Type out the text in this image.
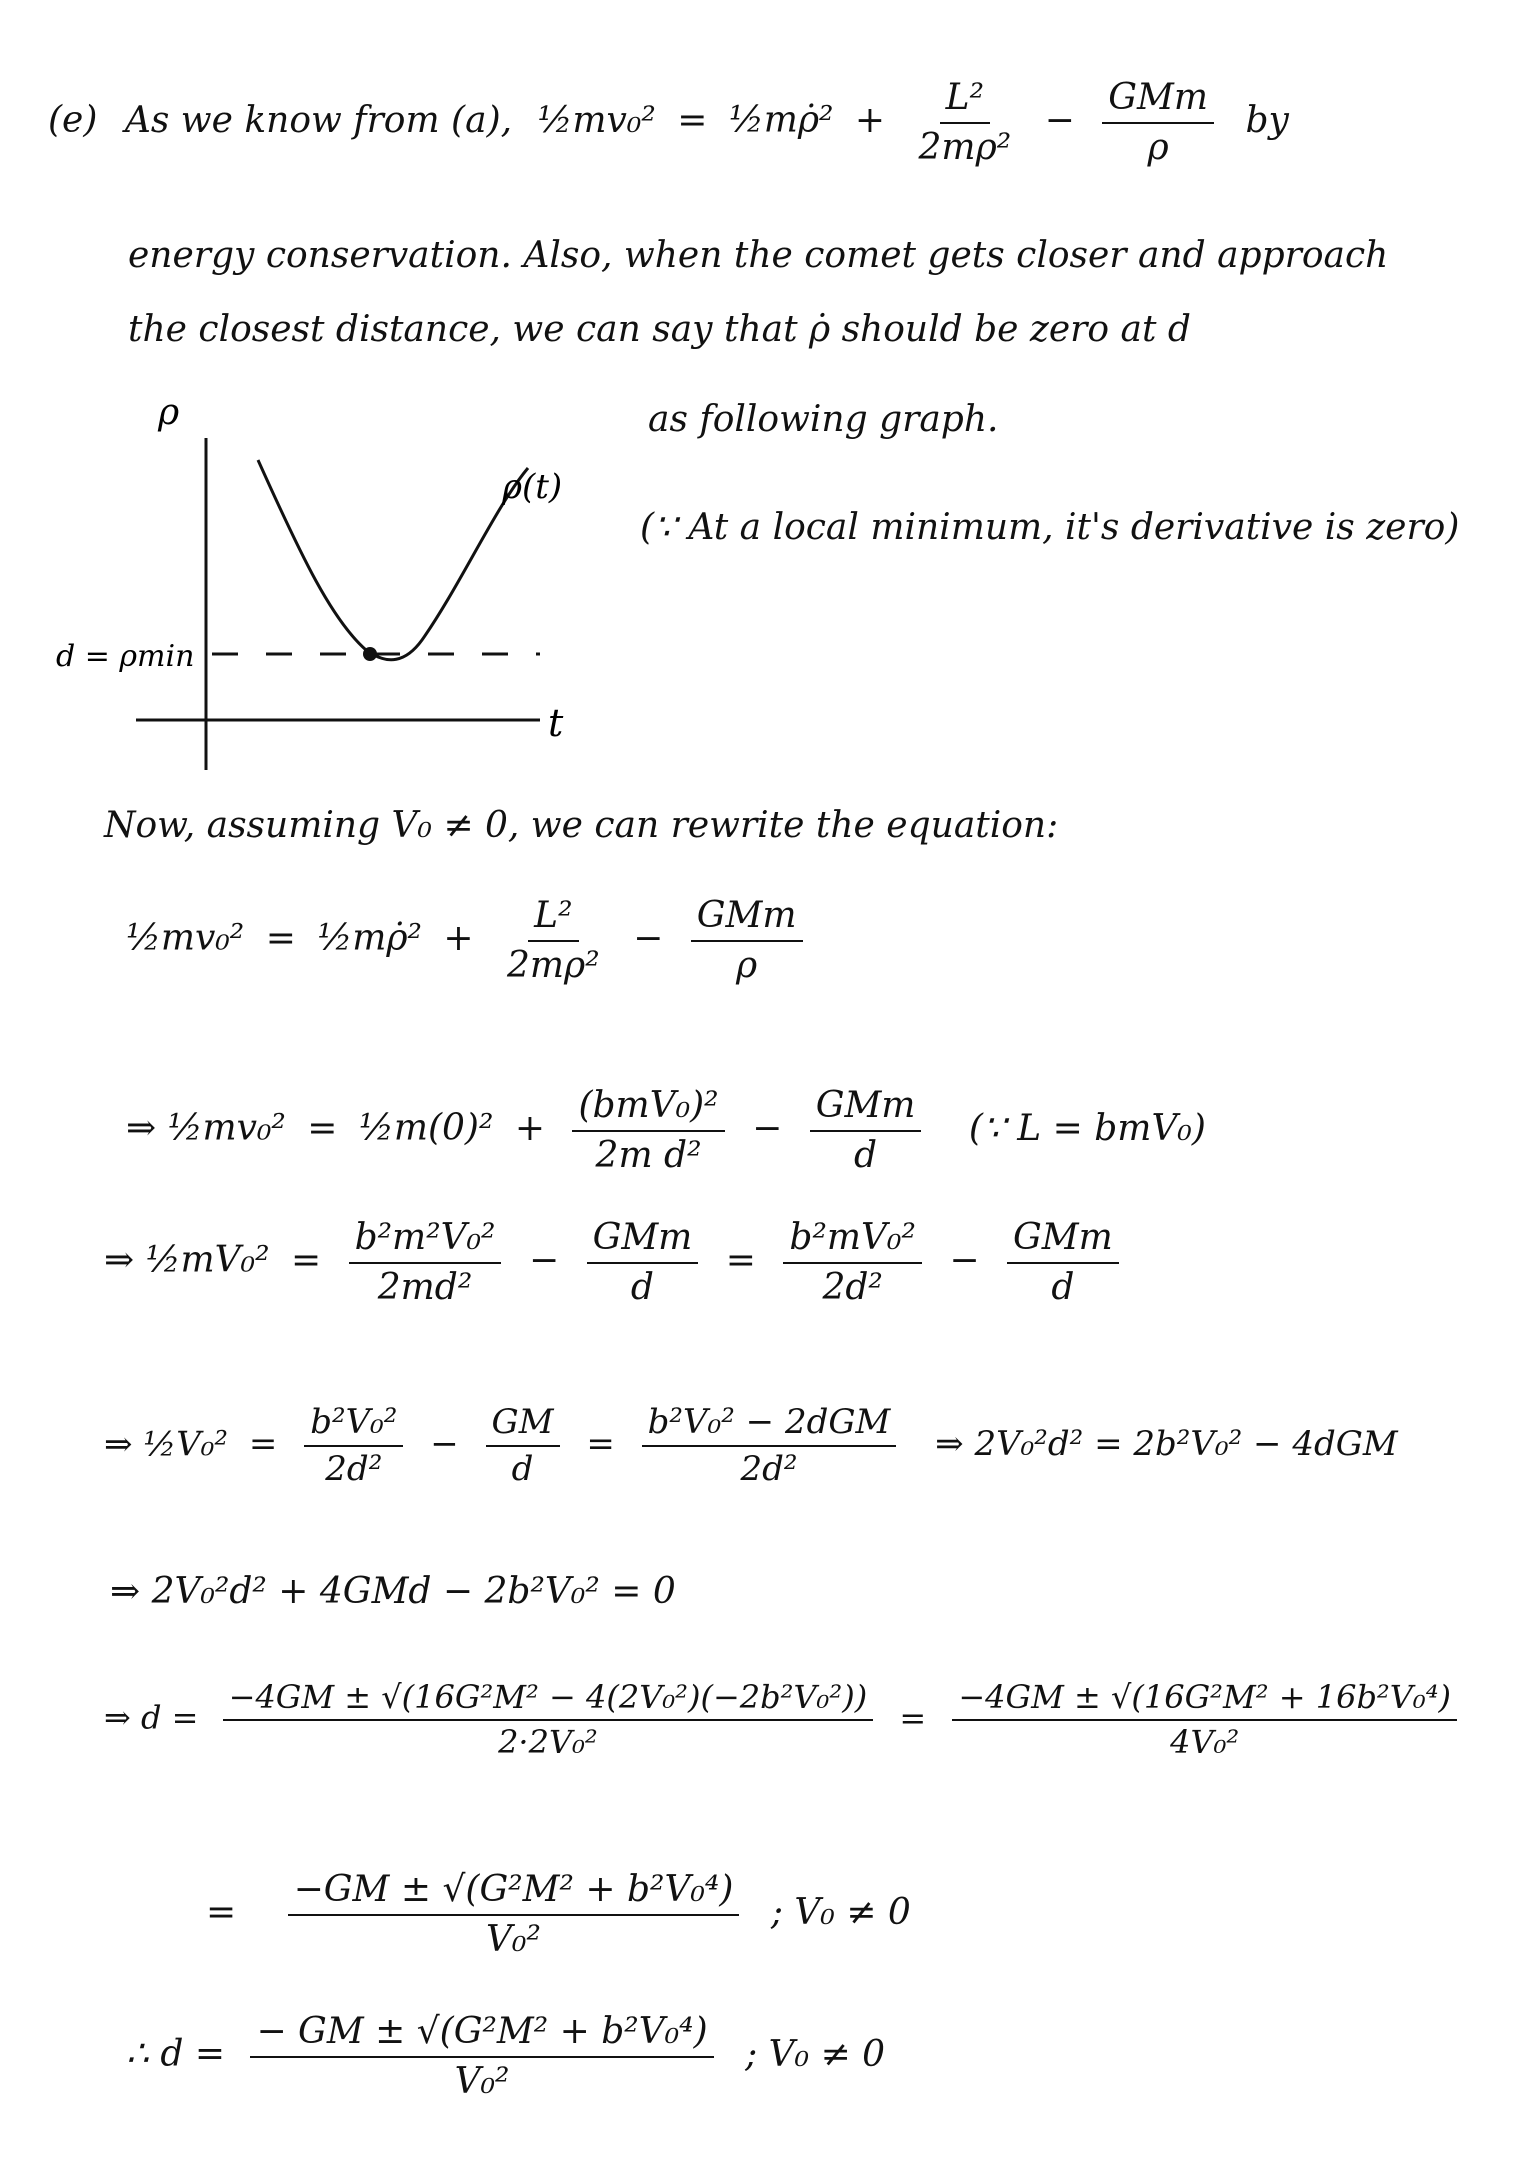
(e) As we know from (a), ½mv₀² = ½mρ̇² + $\frac{\text{L²}}{\text{2mρ²}} - \frac{\text{GMm}}{\rho}$ by
energy conservation. Also, when the comet gets closer and approach
the closest distance, we can say that ρ̇ should be zero at d
as following graph.
(∵ At a local minimum, it's derivative is zero)
ρ
ρ(t)
d = ρmin
t
Now, assuming V₀ ≠ 0, we can rewrite the equation:
½mv₀² = ½mρ̇² + $\frac{\text{L²}}{\text{2mρ²}} - \frac{\text{GMm}}{\rho}$
⇒ ½mv₀² = ½m(0)² + $\frac{\text{(bmV₀)²}}{\text{2m d²}} - \frac{\text{GMm}}{d}$ (∵ L = bmV₀)
⇒ ½mV₀² = $\frac{\text{b²m²V₀²}}{\text{2md²}} - \frac{\text{GMm}}{d} = \frac{\text{b²mV₀²}}{\text{2d²}} - \frac{\text{GMm}}{d}$
⇒ ½V₀² = $\frac{\text{b²V₀²}}{\text{2d²}} - \frac{GM}{d} = \frac{\text{b²V₀² − 2dGM}}{\text{2d²}}$ ⇒ 2V₀²d² = 2b²V₀² − 4dGM
⇒ 2V₀²d² + 4GMd − 2b²V₀² = 0
⇒ $d = \frac{\text{−4GM ± √(16G²M² − 4(2V₀²)(−2b²V₀²))}}{\text{2·2V₀²}} = \frac{\text{−4GM ± √(16G²M² + 16b²V₀⁴)}}{\text{4V₀²}}$
= $\frac{\text{−GM ± √(G²M² + b²V₀⁴)}}{\text{V₀²}}$ ; V₀ ≠ 0
∴ $d = \frac{\text{− GM ± √(G²M² + b²V₀⁴)}}{\text{V₀²}}$ ; V₀ ≠ 0
